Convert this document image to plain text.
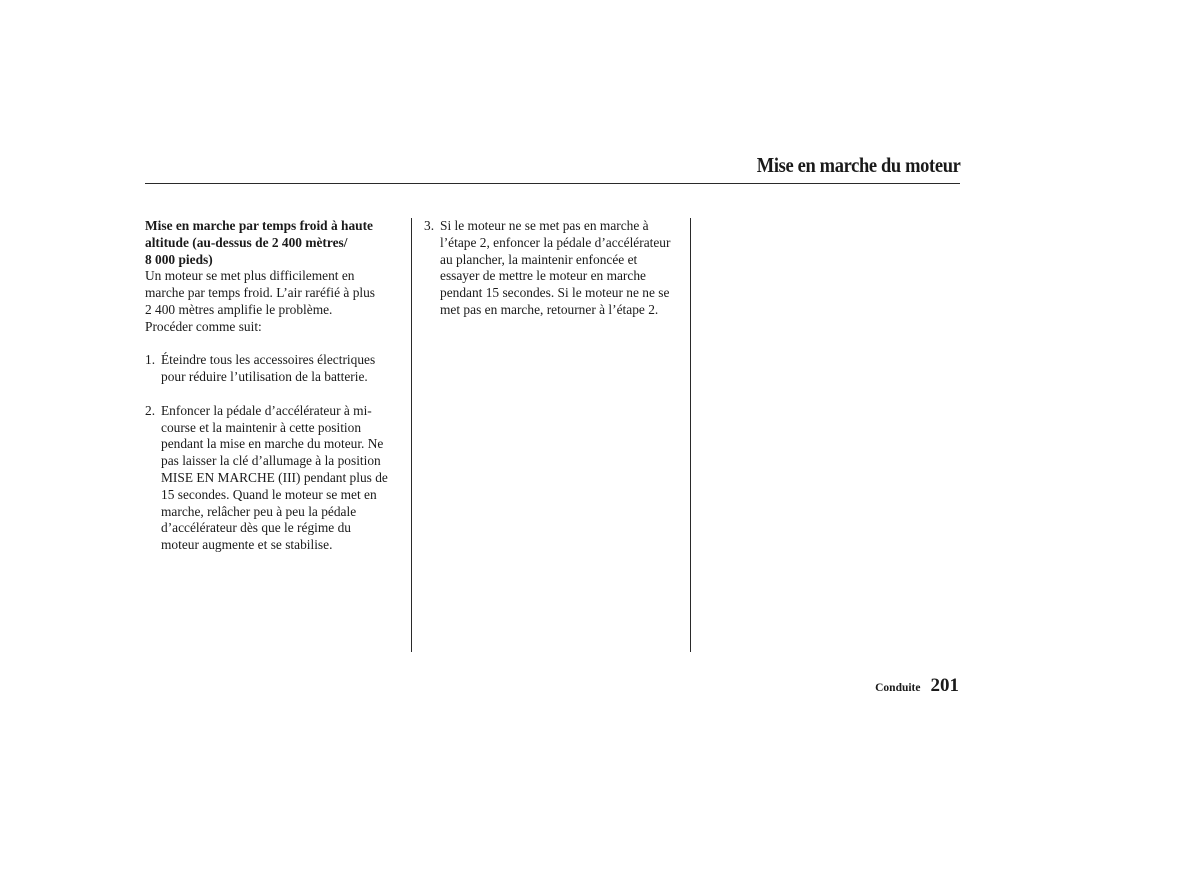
Mise en marche du moteur

Mise en marche par temps froid à haute
altitude (au-dessus de 2 400 mètres/
8 000 pieds)

Un moteur se met plus difficilement en
marche par temps froid. L’air raréfié à plus
2 400 mètres amplifie le problème.
Procéder comme suit:

1. Éteindre tous les accessoires électriques
pour réduire l’utilisation de la batterie.
2. Enfoncer la pédale d’accélérateur à mi-
course et la maintenir à cette position
pendant la mise en marche du moteur. Ne
pas laisser la clé d’allumage à la position
MISE EN MARCHE (III) pendant plus de
15 secondes. Quand le moteur se met en
marche, relâcher peu à peu la pédale
d’accélérateur dès que le régime du
moteur augmente et se stabilise.
3. Si le moteur ne se met pas en marche à
l’étape 2, enfoncer la pédale d’accélérateur
au plancher, la maintenir enfoncée et
essayer de mettre le moteur en marche
pendant 15 secondes. Si le moteur ne ne se
met pas en marche, retourner à l’étape 2.
Conduite 201
